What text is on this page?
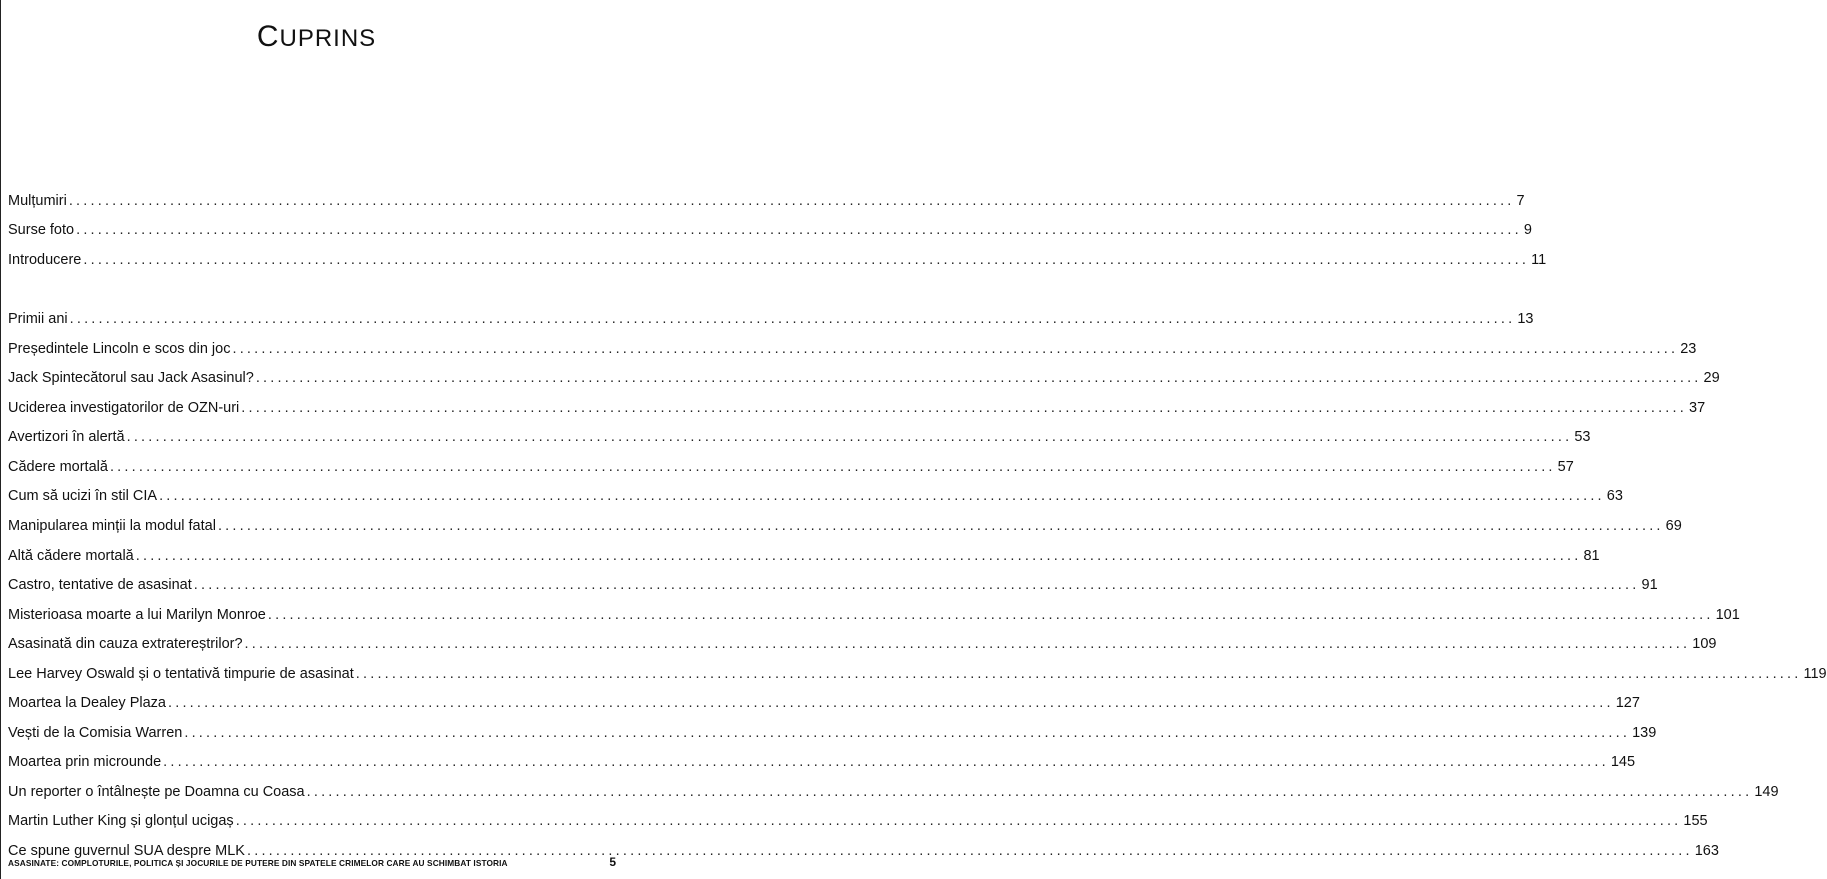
CUPRINS
Mulțumiri ........................................................................................................................................................................................................ 7
Surse foto ........................................................................................................................................................................................................ 9
Introducere ........................................................................................................................................................................................................ 11
Primii ani ........................................................................................................................................................................................................ 13
Președintele Lincoln e scos din joc ........................................................................................................................................................................................................ 23
Jack Spintecătorul sau Jack Asasinul? ........................................................................................................................................................................................................ 29
Uciderea investigatorilor de OZN-uri ........................................................................................................................................................................................................ 37
Avertizori în alertă ........................................................................................................................................................................................................ 53
Cădere mortală ........................................................................................................................................................................................................ 57
Cum să ucizi în stil CIA ........................................................................................................................................................................................................ 63
Manipularea minții la modul fatal ........................................................................................................................................................................................................ 69
Altă cădere mortală ........................................................................................................................................................................................................ 81
Castro, tentative de asasinat ........................................................................................................................................................................................................ 91
Misterioasa moarte a lui Marilyn Monroe ........................................................................................................................................................................................................ 101
Asasinată din cauza extratereștrilor? ........................................................................................................................................................................................................ 109
Lee Harvey Oswald și o tentativă timpurie de asasinat ........................................................................................................................................................................................................ 119
Moartea la Dealey Plaza ........................................................................................................................................................................................................ 127
Vești de la Comisia Warren ........................................................................................................................................................................................................ 139
Moartea prin microunde ........................................................................................................................................................................................................ 145
Un reporter o întâlnește pe Doamna cu Coasa ........................................................................................................................................................................................................ 149
Martin Luther King și glonțul ucigaș ........................................................................................................................................................................................................ 155
Ce spune guvernul SUA despre MLK ........................................................................................................................................................................................................ 163
ASASINATE: COMPLOTURILE, POLITICA ȘI JOCURILE DE PUTERE DIN SPATELE CRIMELOR CARE AU SCHIMBAT ISTORIA	5
